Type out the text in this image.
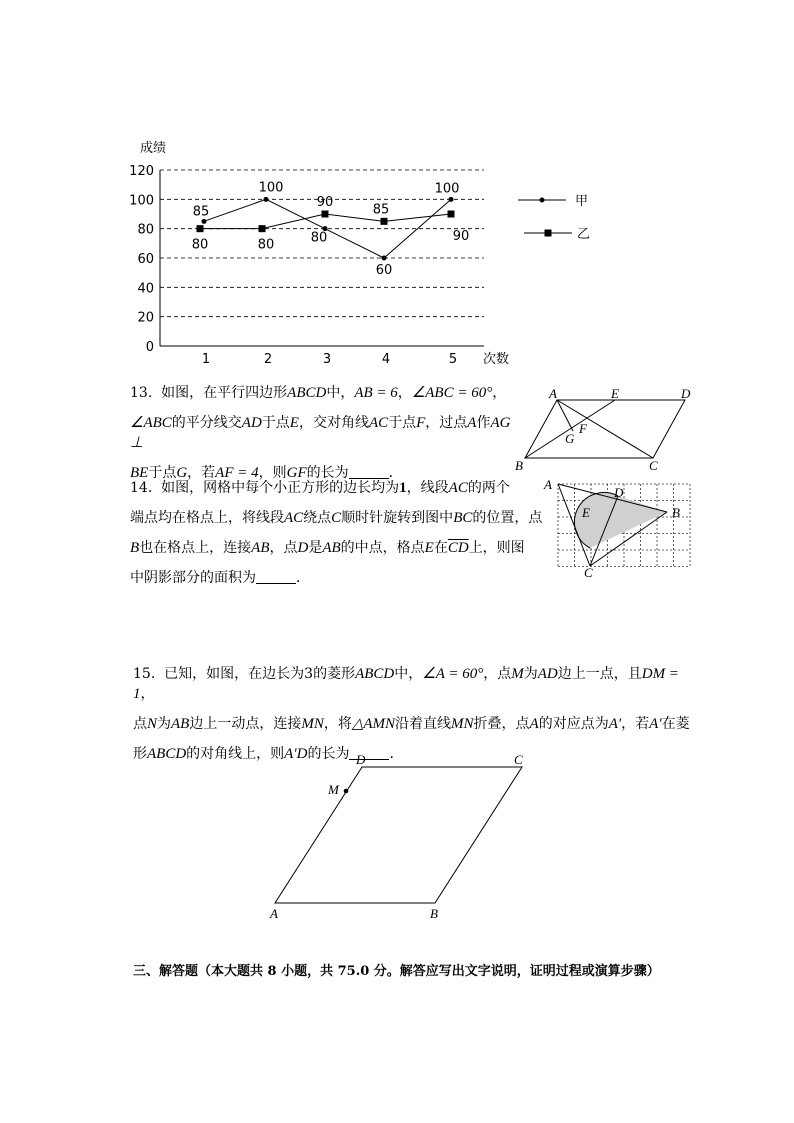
成绩
0
20
40
60
80
100
120
1	2	3	4	5 次数
85
100
80
60
100
80	80
90	85
90
甲
乙
13. 如图，在平行四边形ABCD中，AB = 6，∠ABC = 60°，
∠ABC的平分线交AD于点E，交对角线AC于点F，过点A作AG ⊥
BE于点G，若AF = 4，则GF的长为	．
A	E	D
B	C
G
F
14. 如图，网格中每个小正方形的边长均为1，线段AC的两个
端点均在格点上，将线段AC绕点C顺时针旋转到图中BC的位置，点
B也在格点上，连接AB，点D是AB的中点，格点E在$\overline{CD}$上，则图
中阴影部分的面积为	．
A
D
E	B
C
15. 已知，如图，在边长为3的菱形ABCD中，∠A = 60°，点M为AD边上一点，且DM = 1，
点N为AB边上一动点，连接MN，将△AMN沿着直线MN折叠，点A的对应点为A′，若A′在菱
形ABCD的对角线上，则A′D的长为	．
D	C
M
A	B
三、解答题（本大题共 8 小题，共 75.0 分。解答应写出文字说明，证明过程或演算步骤）
